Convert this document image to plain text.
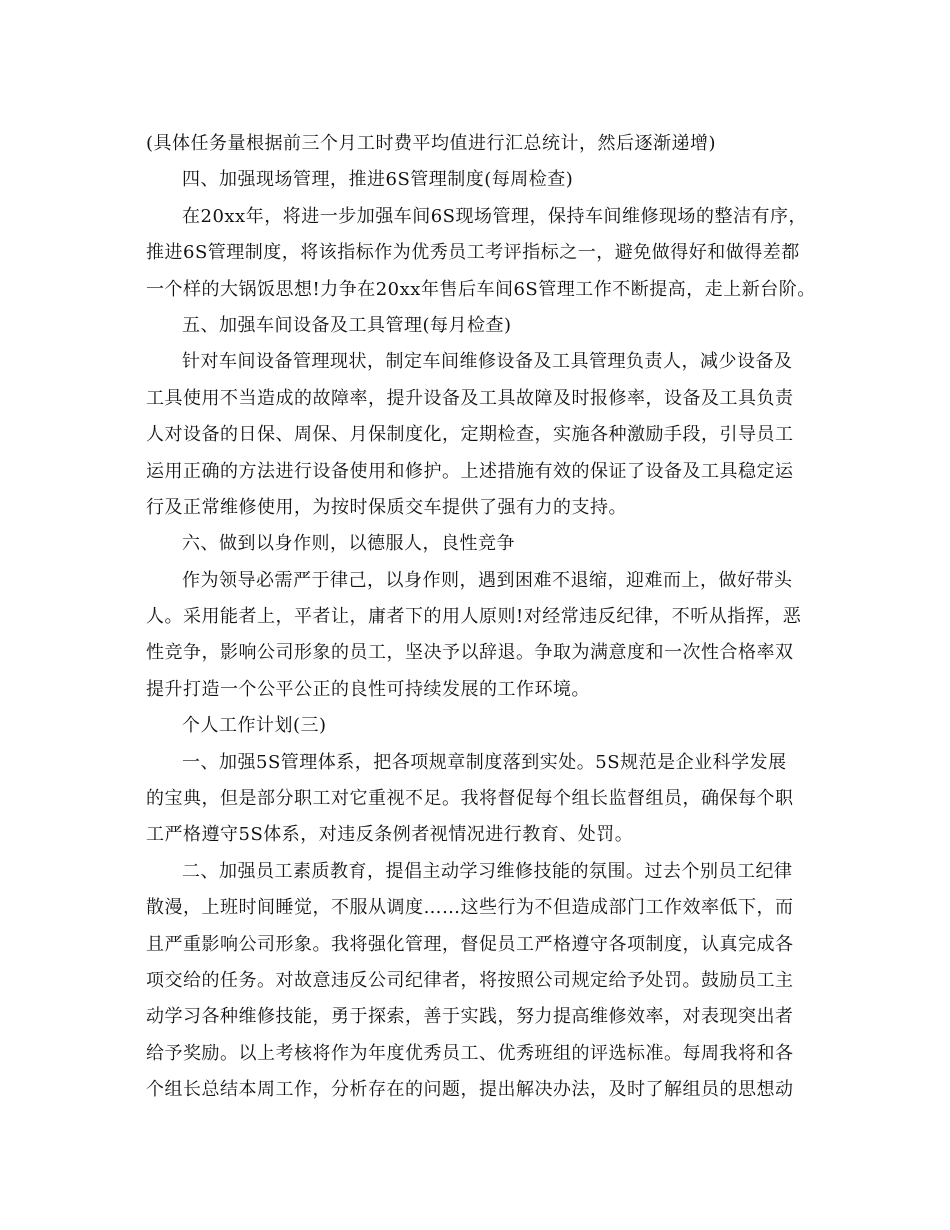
(具体任务量根据前三个月工时费平均值进行汇总统计，然后逐渐递增)
四、加强现场管理，推进6S管理制度(每周检查)
在20xx年，将进一步加强车间6S现场管理，保持车间维修现场的整洁有序，
推进6S管理制度，将该指标作为优秀员工考评指标之一，避免做得好和做得差都
一个样的大锅饭思想!力争在20xx年售后车间6S管理工作不断提高，走上新台阶。
五、加强车间设备及工具管理(每月检查)
针对车间设备管理现状，制定车间维修设备及工具管理负责人，减少设备及
工具使用不当造成的故障率，提升设备及工具故障及时报修率，设备及工具负责
人对设备的日保、周保、月保制度化，定期检查，实施各种激励手段，引导员工
运用正确的方法进行设备使用和修护。上述措施有效的保证了设备及工具稳定运
行及正常维修使用，为按时保质交车提供了强有力的支持。
六、做到以身作则，以德服人，良性竞争
作为领导必需严于律己，以身作则，遇到困难不退缩，迎难而上，做好带头
人。采用能者上，平者让，庸者下的用人原则!对经常违反纪律，不听从指挥，恶
性竞争，影响公司形象的员工，坚决予以辞退。争取为满意度和一次性合格率双
提升打造一个公平公正的良性可持续发展的工作环境。
个人工作计划(三)
一、加强5S管理体系，把各项规章制度落到实处。5S规范是企业科学发展
的宝典，但是部分职工对它重视不足。我将督促每个组长监督组员，确保每个职
工严格遵守5S体系，对违反条例者视情况进行教育、处罚。
二、加强员工素质教育，提倡主动学习维修技能的氛围。过去个别员工纪律
散漫，上班时间睡觉，不服从调度……这些行为不但造成部门工作效率低下，而
且严重影响公司形象。我将强化管理，督促员工严格遵守各项制度，认真完成各
项交给的任务。对故意违反公司纪律者，将按照公司规定给予处罚。鼓励员工主
动学习各种维修技能，勇于探索，善于实践，努力提高维修效率，对表现突出者
给予奖励。以上考核将作为年度优秀员工、优秀班组的评选标准。每周我将和各
个组长总结本周工作，分析存在的问题，提出解决办法，及时了解组员的思想动
